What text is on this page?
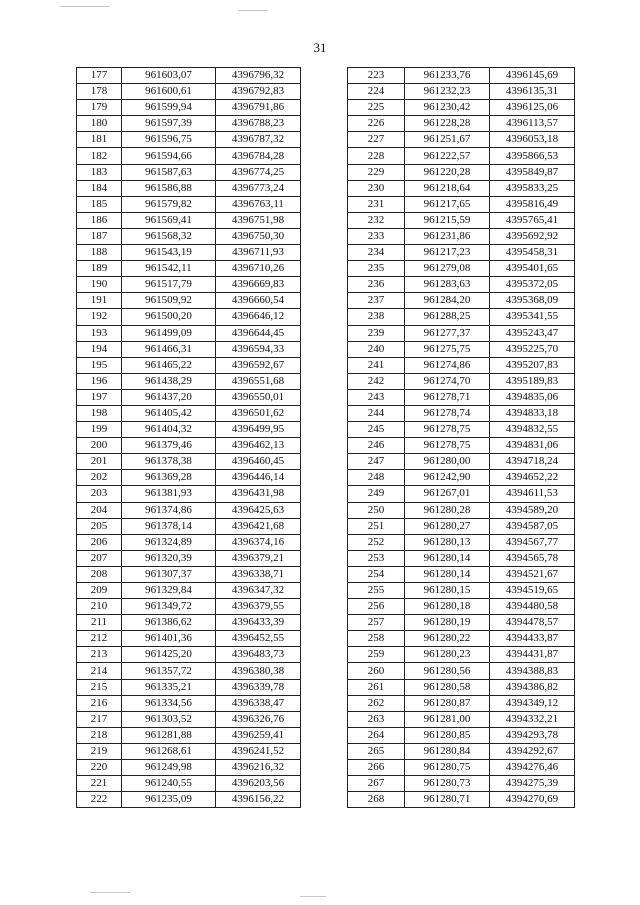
31
177	961603,07	4396796,32
178	961600,61	4396792,83
179	961599,94	4396791,86
180	961597,39	4396788,23
181	961596,75	4396787,32
182	961594,66	4396784,28
183	961587,63	4396774,25
184	961586,88	4396773,24
185	961579,82	4396763,11
186	961569,41	4396751,98
187	961568,32	4396750,30
188	961543,19	4396711,93
189	961542,11	4396710,26
190	961517,79	4396669,83
191	961509,92	4396660,54
192	961500,20	4396646,12
193	961499,09	4396644,45
194	961466,31	4396594,33
195	961465,22	4396592,67
196	961438,29	4396551,68
197	961437,20	4396550,01
198	961405,42	4396501,62
199	961404,32	4396499,95
200	961379,46	4396462,13
201	961378,38	4396460,45
202	961369,28	4396446,14
203	961381,93	4396431,98
204	961374,86	4396425,63
205	961378,14	4396421,68
206	961324,89	4396374,16
207	961320,39	4396379,21
208	961307,37	4396338,71
209	961329,84	4396347,32
210	961349,72	4396379,55
211	961386,62	4396433,39
212	961401,36	4396452,55
213	961425,20	4396483,73
214	961357,72	4396380,38
215	961335,21	4396339,78
216	961334,56	4396338,47
217	961303,52	4396326,76
218	961281,88	4396259,41
219	961268,61	4396241,52
220	961249,98	4396216,32
221	961240,55	4396203,56
222	961235,09	4396156,22
223	961233,76	4396145,69
224	961232,23	4396135,31
225	961230,42	4396125,06
226	961228,28	4396113,57
227	961251,67	4396053,18
228	961222,57	4395866,53
229	961220,28	4395849,87
230	961218,64	4395833,25
231	961217,65	4395816,49
232	961215,59	4395765,41
233	961231,86	4395692,92
234	961217,23	4395458,31
235	961279,08	4395401,65
236	961283,63	4395372,05
237	961284,20	4395368,09
238	961288,25	4395341,55
239	961277,37	4395243,47
240	961275,75	4395225,70
241	961274,86	4395207,83
242	961274,70	4395189,83
243	961278,71	4394835,06
244	961278,74	4394833,18
245	961278,75	4394832,55
246	961278,75	4394831,06
247	961280,00	4394718,24
248	961242,90	4394652,22
249	961267,01	4394611,53
250	961280,28	4394589,20
251	961280,27	4394587,05
252	961280,13	4394567,77
253	961280,14	4394565,78
254	961280,14	4394521,67
255	961280,15	4394519,65
256	961280,18	4394480,58
257	961280,19	4394478,57
258	961280,22	4394433,87
259	961280,23	4394431,87
260	961280,56	4394388,83
261	961280,58	4394386,82
262	961280,87	4394349,12
263	961281,00	4394332,21
264	961280,85	4394293,78
265	961280,84	4394292,67
266	961280,75	4394276,46
267	961280,73	4394275,39
268	961280,71	4394270,69
